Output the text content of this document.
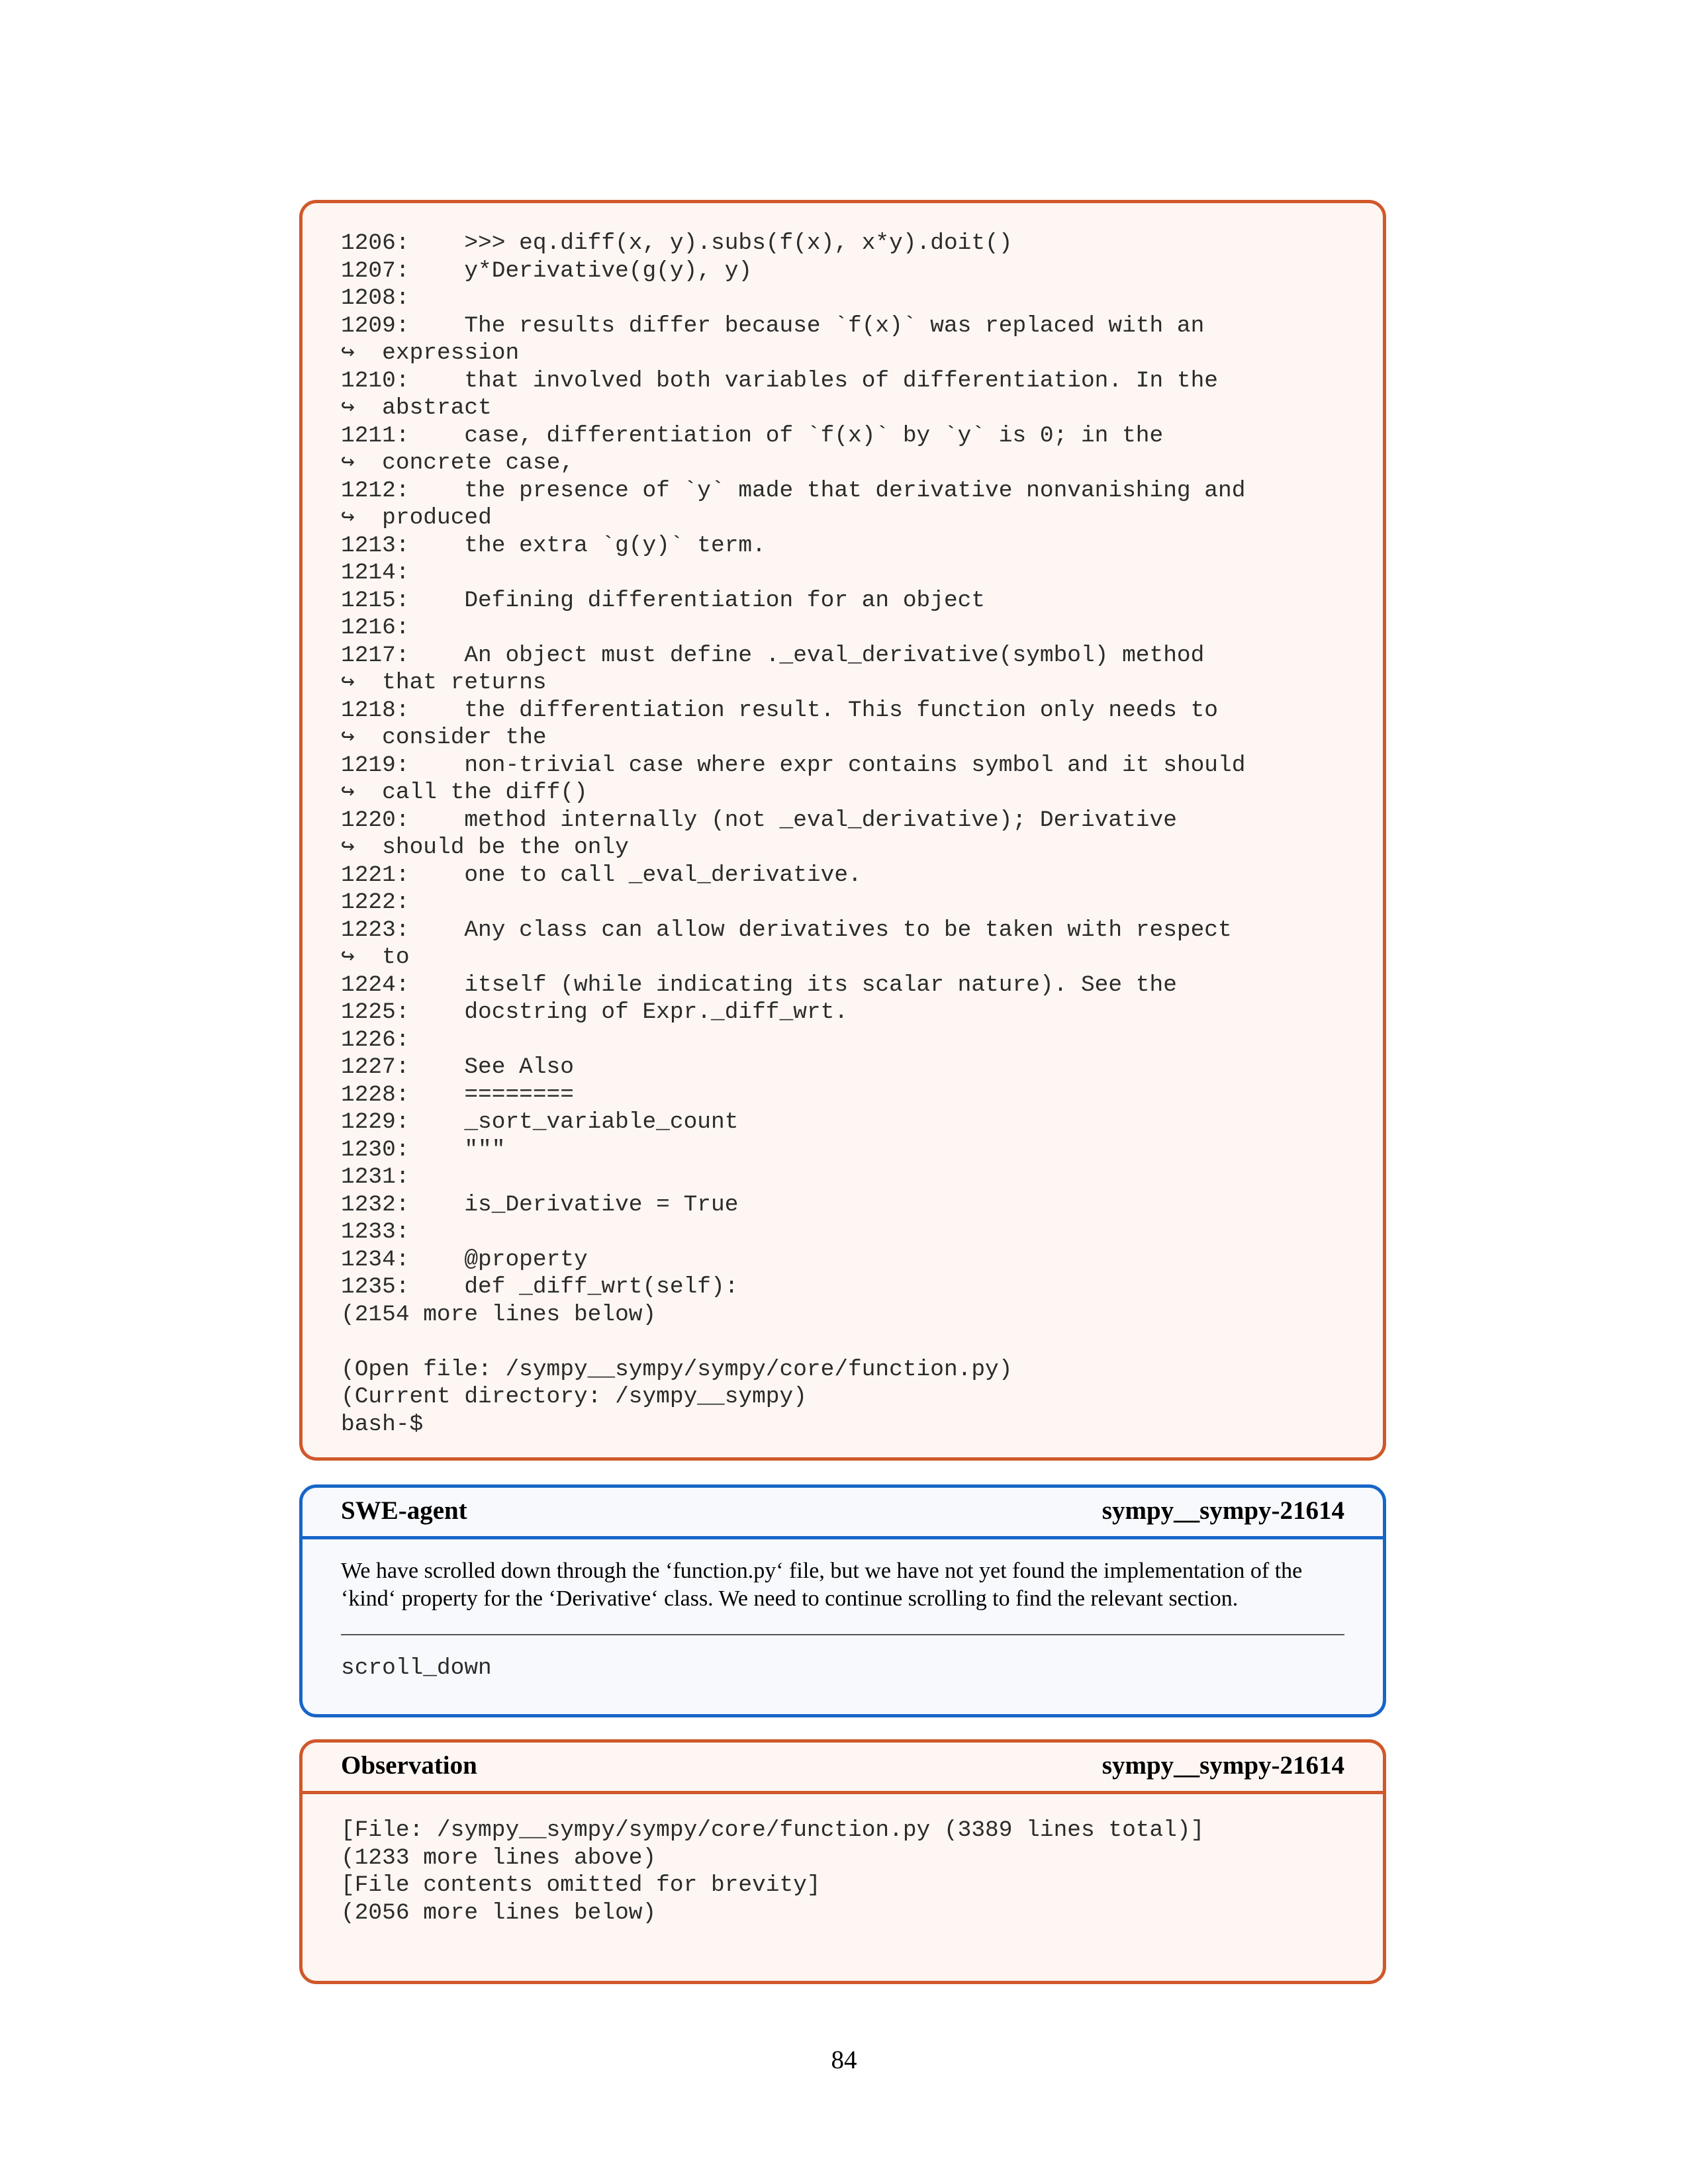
1206:    >>> eq.diff(x, y).subs(f(x), x*y).doit()
1207:    y*Derivative(g(y), y)
1208:
1209:    The results differ because `f(x)` was replaced with an
↪  expression
1210:    that involved both variables of differentiation. In the
↪  abstract
1211:    case, differentiation of `f(x)` by `y` is 0; in the
↪  concrete case,
1212:    the presence of `y` made that derivative nonvanishing and
↪  produced
1213:    the extra `g(y)` term.
1214:
1215:    Defining differentiation for an object
1216:
1217:    An object must define ._eval_derivative(symbol) method
↪  that returns
1218:    the differentiation result. This function only needs to
↪  consider the
1219:    non-trivial case where expr contains symbol and it should
↪  call the diff()
1220:    method internally (not _eval_derivative); Derivative
↪  should be the only
1221:    one to call _eval_derivative.
1222:
1223:    Any class can allow derivatives to be taken with respect
↪  to
1224:    itself (while indicating its scalar nature). See the
1225:    docstring of Expr._diff_wrt.
1226:
1227:    See Also
1228:    ========
1229:    _sort_variable_count
1230:    """
1231:
1232:    is_Derivative = True
1233:
1234:    @property
1235:    def _diff_wrt(self):
(2154 more lines below)
(Open file: /sympy__sympy/sympy/core/function.py)
(Current directory: /sympy__sympy)
bash-$
SWE-agent	sympy__sympy-21614
We have scrolled down through the ‘function.py‘ file, but we have not yet found the implementation of the ‘kind‘ property for the ‘Derivative‘ class. We need to continue scrolling to find the relevant section.
scroll_down
Observation	sympy__sympy-21614
[File: /sympy__sympy/sympy/core/function.py (3389 lines total)]
(1233 more lines above)
[File contents omitted for brevity]
(2056 more lines below)
84
